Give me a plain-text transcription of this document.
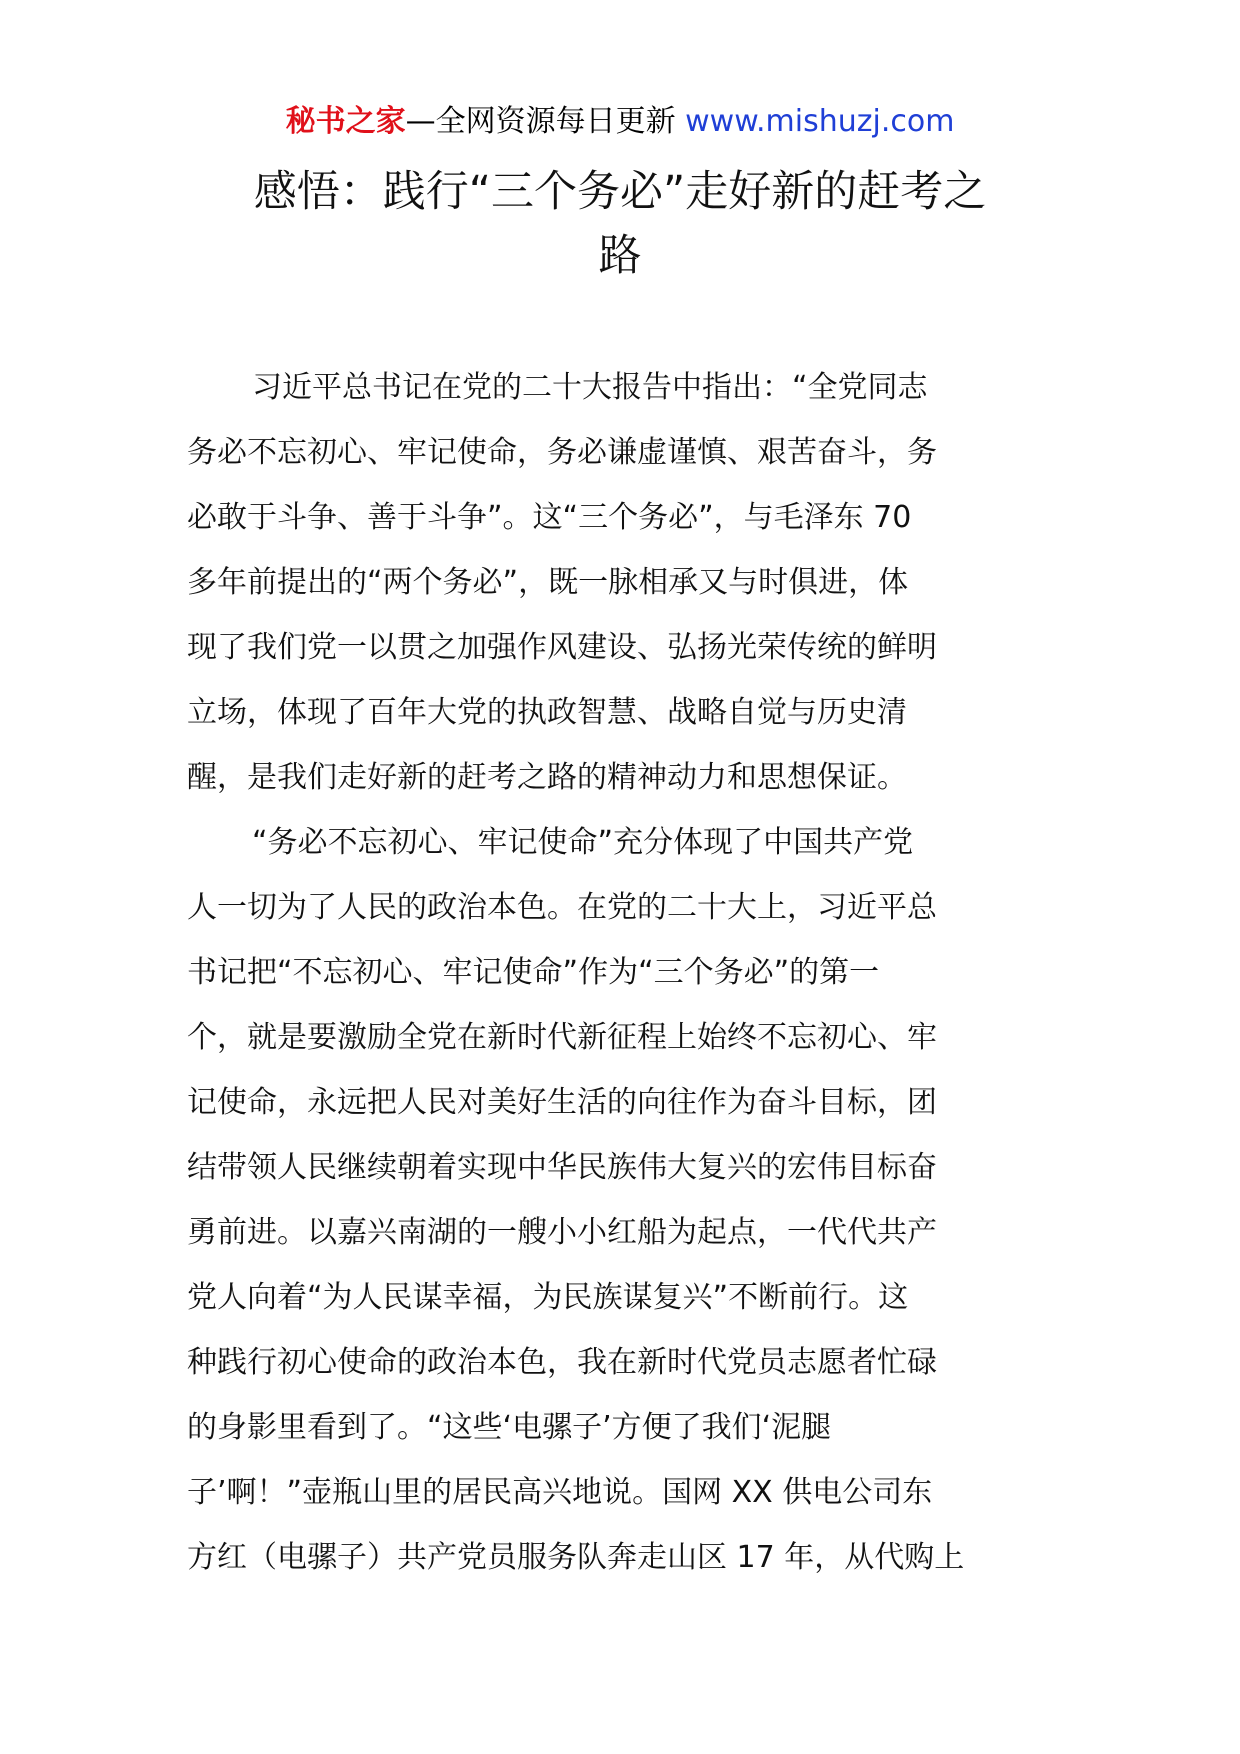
秘书之家—全网资源每日更新 www.mishuzj.com
感悟：践行“三个务必”走好新的赶考之
路
习近平总书记在党的二十大报告中指出：“全党同志
务必不忘初心、牢记使命，务必谦虚谨慎、艰苦奋斗，务
必敢于斗争、善于斗争”。这“三个务必”，与毛泽东 70
多年前提出的“两个务必”，既一脉相承又与时俱进，体
现了我们党一以贯之加强作风建设、弘扬光荣传统的鲜明
立场，体现了百年大党的执政智慧、战略自觉与历史清
醒，是我们走好新的赶考之路的精神动力和思想保证。
“务必不忘初心、牢记使命”充分体现了中国共产党
人一切为了人民的政治本色。在党的二十大上，习近平总
书记把“不忘初心、牢记使命”作为“三个务必”的第一
个，就是要激励全党在新时代新征程上始终不忘初心、牢
记使命，永远把人民对美好生活的向往作为奋斗目标，团
结带领人民继续朝着实现中华民族伟大复兴的宏伟目标奋
勇前进。以嘉兴南湖的一艘小小红船为起点，一代代共产
党人向着“为人民谋幸福，为民族谋复兴”不断前行。这
种践行初心使命的政治本色，我在新时代党员志愿者忙碌
的身影里看到了。“这些‘电骡子’方便了我们‘泥腿
子’啊！”壶瓶山里的居民高兴地说。国网 XX 供电公司东
方红（电骡子）共产党员服务队奔走山区 17 年，从代购上
